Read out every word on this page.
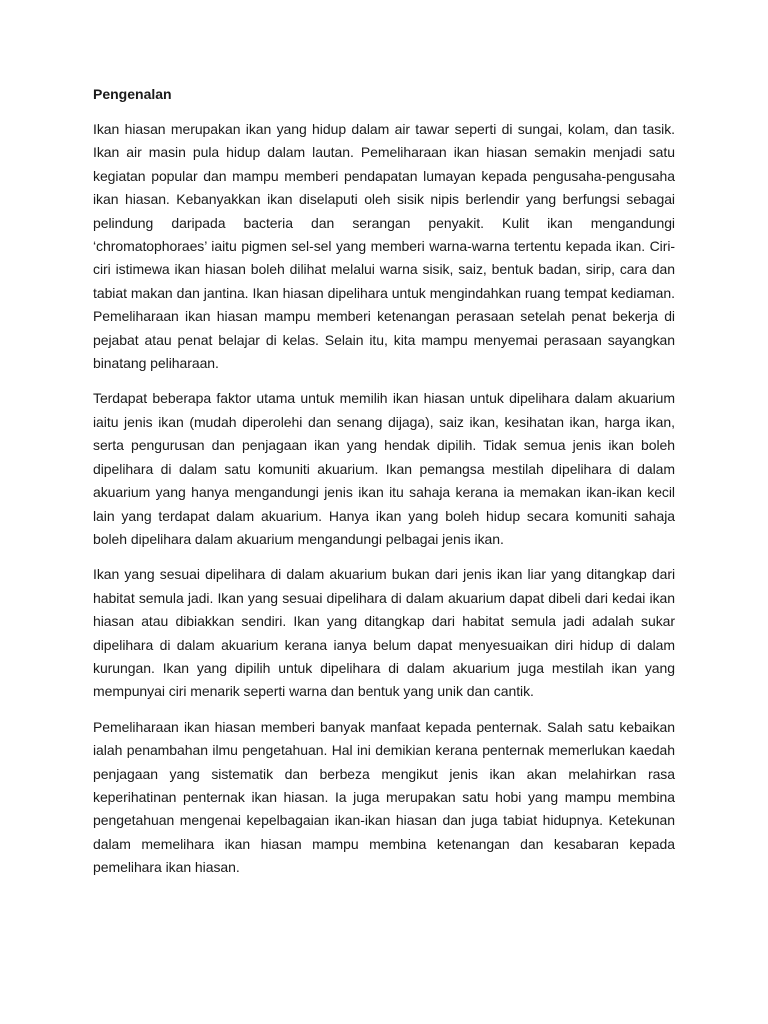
Pengenalan

Ikan hiasan merupakan ikan yang hidup dalam air tawar seperti di sungai, kolam, dan tasik. Ikan air masin pula hidup dalam lautan. Pemeliharaan ikan hiasan semakin menjadi satu kegiatan popular dan mampu memberi pendapatan lumayan kepada pengusaha-pengusaha ikan hiasan. Kebanyakkan ikan diselaputi oleh sisik nipis berlendir yang berfungsi sebagai pelindung daripada bacteria dan serangan penyakit. Kulit ikan mengandungi ‘chromatophoraes’ iaitu pigmen sel-sel yang memberi warna-warna tertentu kepada ikan. Ciri-ciri istimewa ikan hiasan boleh dilihat melalui warna sisik, saiz, bentuk badan, sirip, cara dan tabiat makan dan jantina. Ikan hiasan dipelihara untuk mengindahkan ruang tempat kediaman. Pemeliharaan ikan hiasan mampu memberi ketenangan perasaan setelah penat bekerja di pejabat atau penat belajar di kelas. Selain itu, kita mampu menyemai perasaan sayangkan binatang peliharaan.

Terdapat beberapa faktor utama untuk memilih ikan hiasan untuk dipelihara dalam akuarium iaitu jenis ikan (mudah diperolehi dan senang dijaga), saiz ikan, kesihatan ikan, harga ikan, serta pengurusan dan penjagaan ikan yang hendak dipilih. Tidak semua jenis ikan boleh dipelihara di dalam satu komuniti akuarium. Ikan pemangsa mestilah dipelihara di dalam akuarium yang hanya mengandungi jenis ikan itu sahaja kerana ia memakan ikan-ikan kecil lain yang terdapat dalam akuarium. Hanya ikan yang boleh hidup secara komuniti sahaja boleh dipelihara dalam akuarium mengandungi pelbagai jenis ikan.

Ikan yang sesuai dipelihara di dalam akuarium bukan dari jenis ikan liar yang ditangkap dari habitat semula jadi. Ikan yang sesuai dipelihara di dalam akuarium dapat dibeli dari kedai ikan hiasan atau dibiakkan sendiri. Ikan yang ditangkap dari habitat semula jadi adalah sukar dipelihara di dalam akuarium kerana ianya belum dapat menyesuaikan diri hidup di dalam kurungan. Ikan yang dipilih untuk dipelihara di dalam akuarium juga mestilah ikan yang mempunyai ciri menarik seperti warna dan bentuk yang unik dan cantik.

Pemeliharaan ikan hiasan memberi banyak manfaat kepada penternak. Salah satu kebaikan ialah penambahan ilmu pengetahuan. Hal ini demikian kerana penternak memerlukan kaedah penjagaan yang sistematik dan berbeza mengikut jenis ikan akan melahirkan rasa keperihatinan penternak ikan hiasan. Ia juga merupakan satu hobi yang mampu membina pengetahuan mengenai kepelbagaian ikan-ikan hiasan dan juga tabiat hidupnya. Ketekunan dalam memelihara ikan hiasan mampu membina ketenangan dan kesabaran kepada pemelihara ikan hiasan.
